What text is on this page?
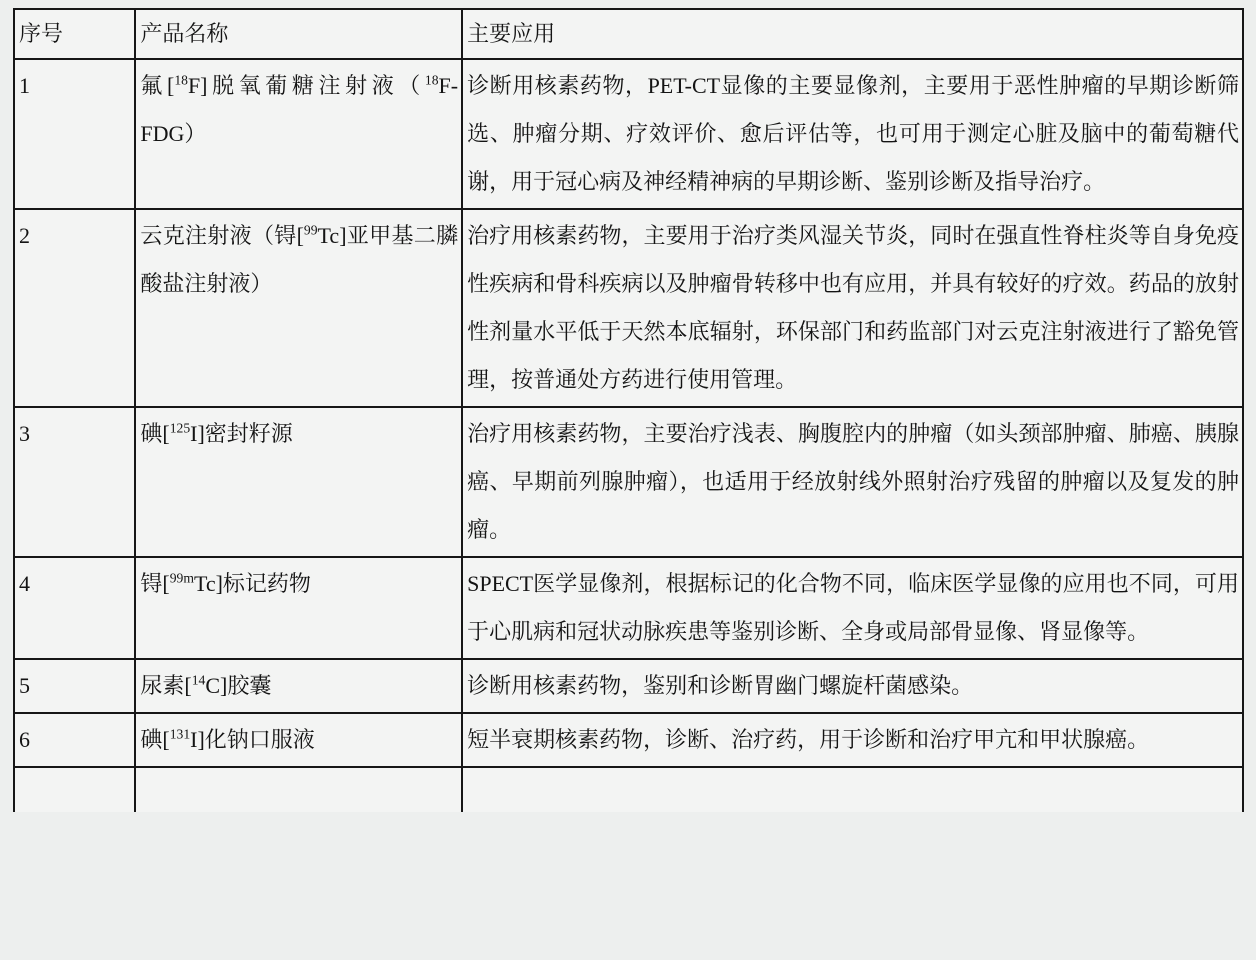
序号	产品名称	主要应用
1	氟[$^{18}$F]脱氧葡糖注射液（$^{18}$F-FDG）	诊断用核素药物，PET-CT显像的主要显像剂，主要用于恶性肿瘤的早期诊断筛选、肿瘤分期、疗效评价、愈后评估等，也可用于测定心脏及脑中的葡萄糖代谢，用于冠心病及神经精神病的早期诊断、鉴别诊断及指导治疗。
2	云克注射液（锝[$^{99}$Tc]亚甲基二膦酸盐注射液）	治疗用核素药物，主要用于治疗类风湿关节炎，同时在强直性脊柱炎等自身免疫性疾病和骨科疾病以及肿瘤骨转移中也有应用，并具有较好的疗效。药品的放射性剂量水平低于天然本底辐射，环保部门和药监部门对云克注射液进行了豁免管理，按普通处方药进行使用管理。
3	碘[$^{125}$I]密封籽源	治疗用核素药物，主要治疗浅表、胸腹腔内的肿瘤（如头颈部肿瘤、肺癌、胰腺癌、早期前列腺肿瘤），也适用于经放射线外照射治疗残留的肿瘤以及复发的肿瘤。
4	锝[$^{99m}$Tc]标记药物	SPECT医学显像剂，根据标记的化合物不同，临床医学显像的应用也不同，可用于心肌病和冠状动脉疾患等鉴别诊断、全身或局部骨显像、肾显像等。
5	尿素[$^{14}$C]胶囊	诊断用核素药物，鉴别和诊断胃幽门螺旋杆菌感染。
6	碘[$^{131}$I]化钠口服液	短半衰期核素药物，诊断、治疗药，用于诊断和治疗甲亢和甲状腺癌。
